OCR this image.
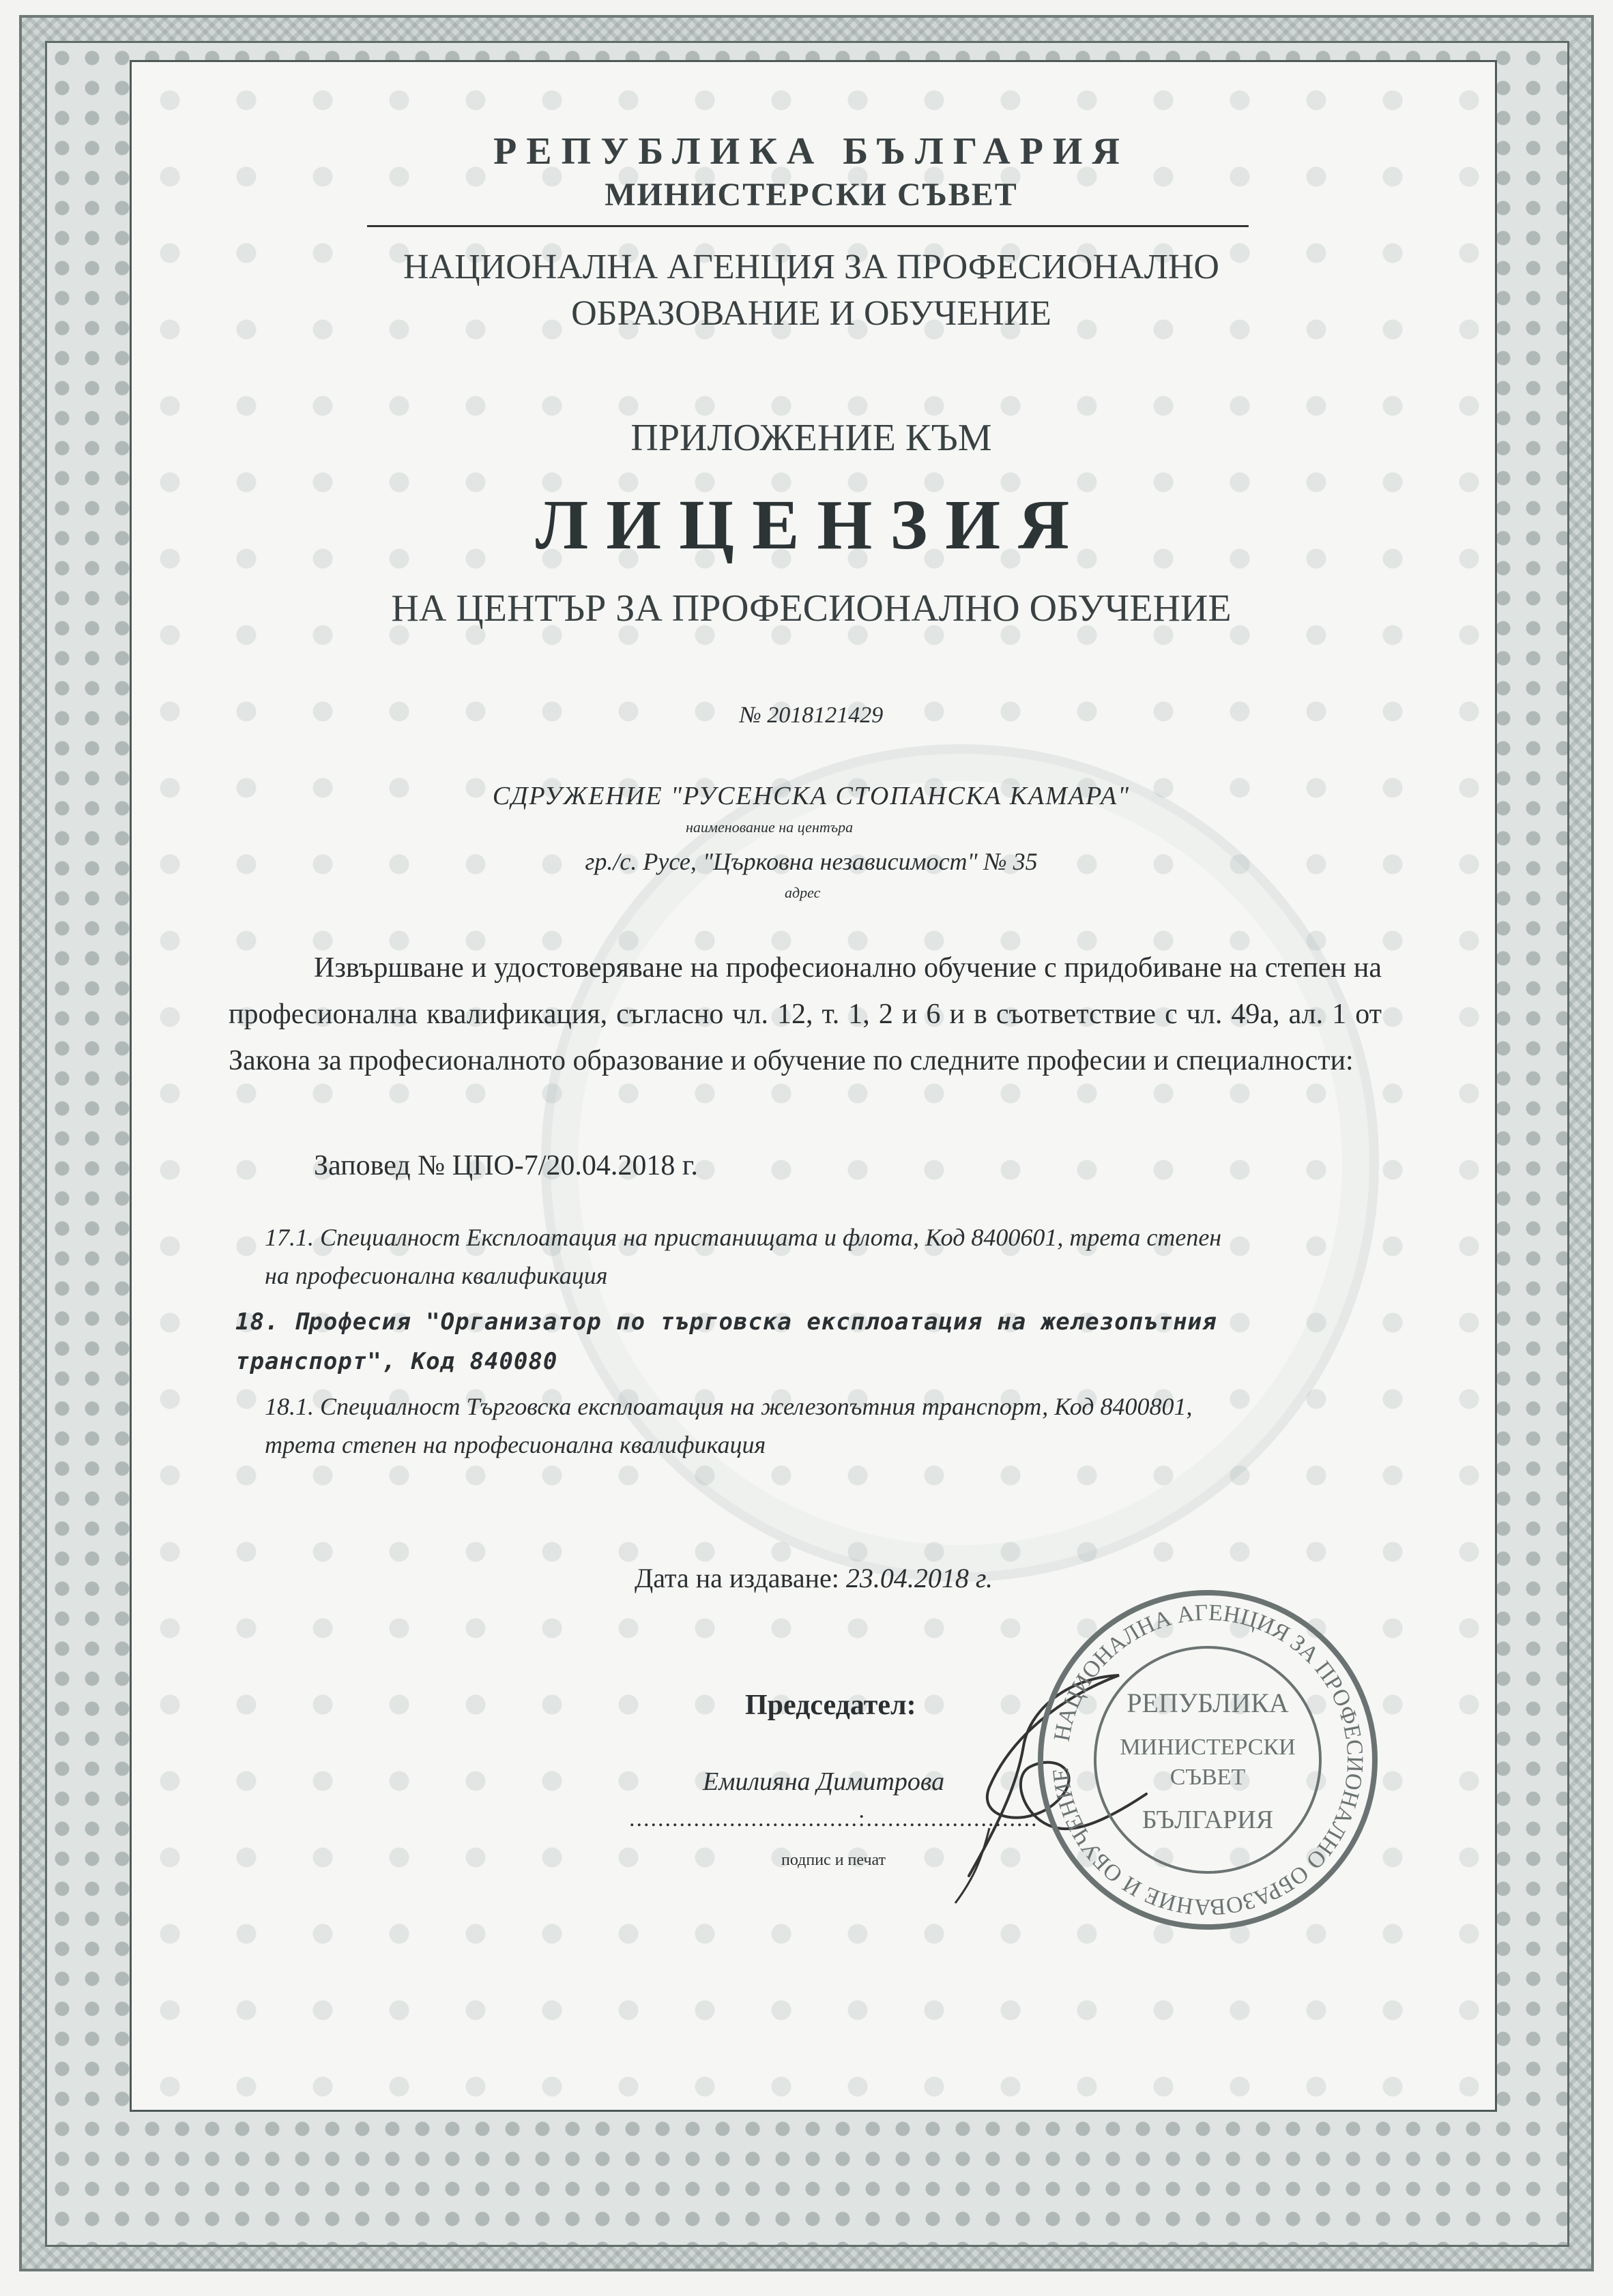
РЕПУБЛИКА БЪЛГАРИЯ
МИНИСТЕРСКИ СЪВЕТ
НАЦИОНАЛНА АГЕНЦИЯ ЗА ПРОФЕСИОНАЛНО
ОБРАЗОВАНИЕ И ОБУЧЕНИЕ
ПРИЛОЖЕНИЕ КЪМ
ЛИЦЕНЗИЯ
НА ЦЕНТЪР ЗА ПРОФЕСИОНАЛНО ОБУЧЕНИЕ
№ 2018121429
СДРУЖЕНИЕ "РУСЕНСКА СТОПАНСКА КАМАРА"
наименование на центъра
гр./с. Русе, "Църковна независимост" № 35
адрес
Извършване и удостоверяване на професионално обучение с придобиване на степен на професионална квалификация, съгласно чл. 12, т. 1, 2 и 6 и в съответствие с чл. 49а, ал. 1 от Закона за професионалното образование и обучение по следните професии и специалности:
Заповед № ЦПО-7/20.04.2018 г.
17.1. Специалност Експлоатация на пристанищата и флота, Код 8400601, трета степен
на професионална квалификация
18. Професия "Организатор по търговска експлоатация на железопътния
транспорт", Код 840080
18.1. Специалност Търговска експлоатация на железопътния транспорт, Код 8400801,
трета степен на професионална квалификация
Дата на издаване: 23.04.2018 г.
Председател:
Емилияна Димитрова
................................:........................
подпис и печат
НАЦИОНАЛНА АГЕНЦИЯ ЗА ПРОФЕСИОНАЛНО ОБРАЗОВАНИЕ И ОБУЧЕНИЕ
РЕПУБЛИКА
МИНИСТЕРСКИ
СЪВЕТ
БЪЛГАРИЯ
